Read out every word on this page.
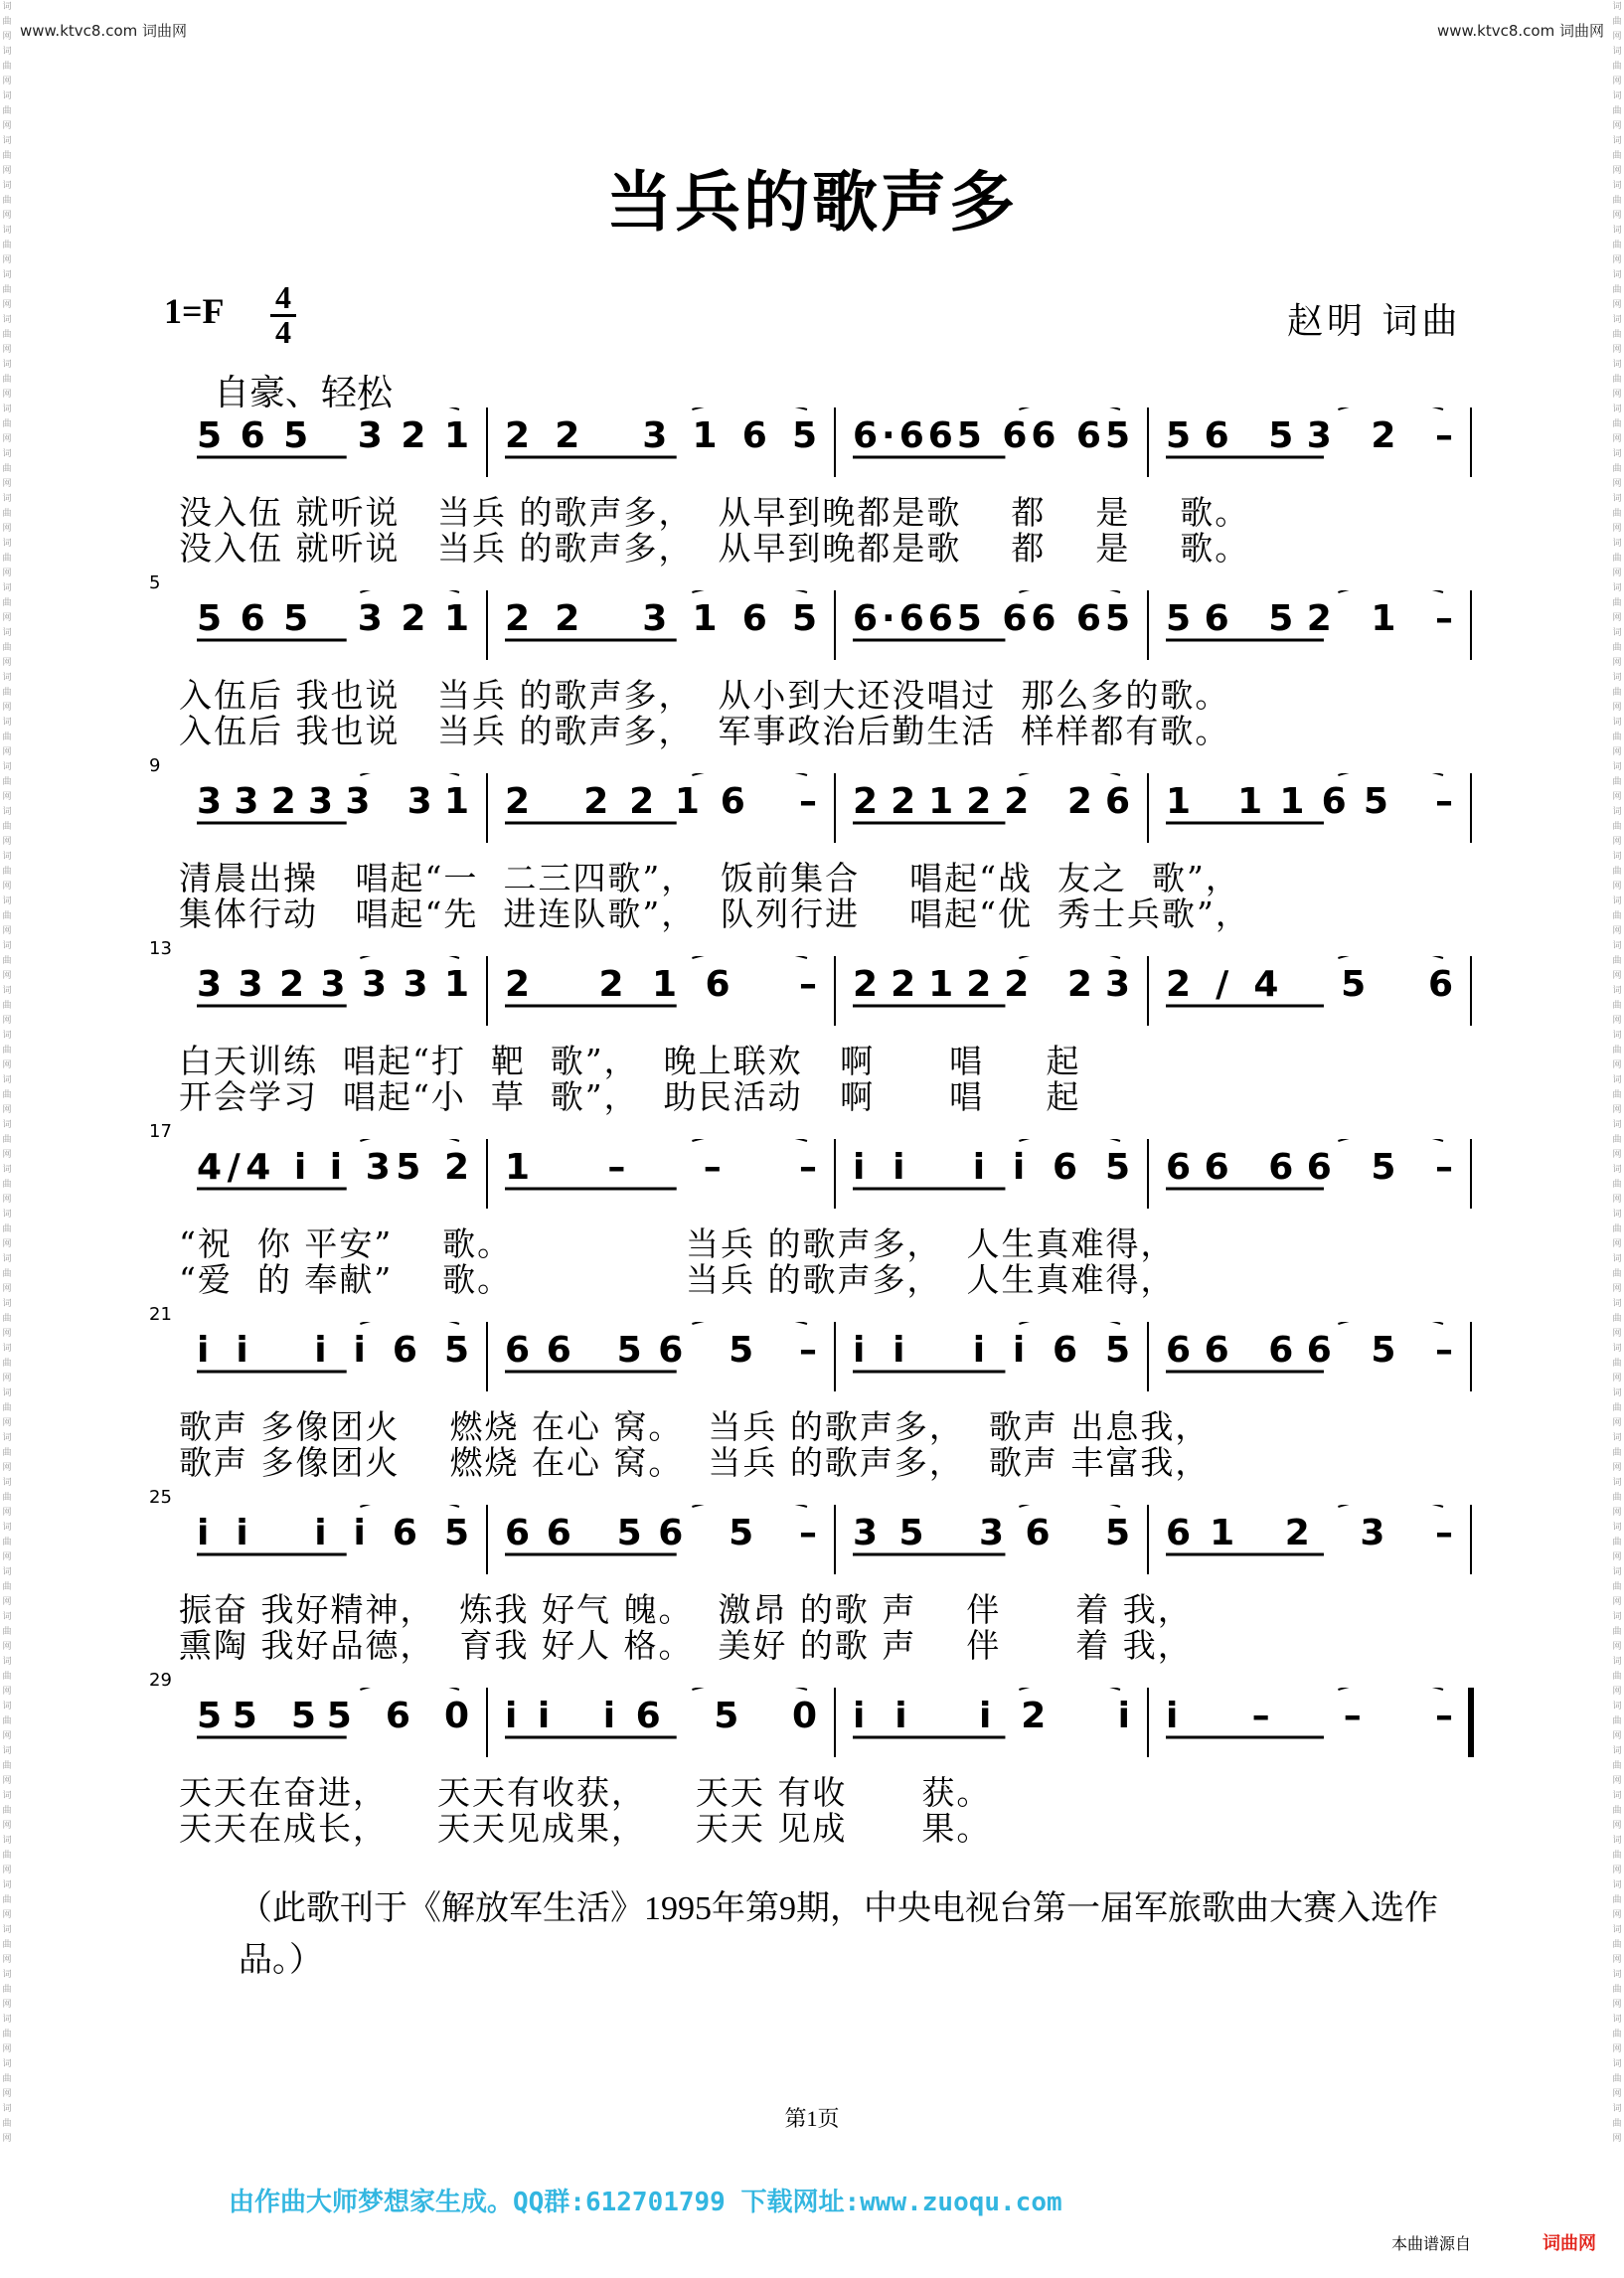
www.ktvc8.com 词曲网	www.ktvc8.com 词曲网
词曲网词曲网词曲网词曲网词曲网词曲网词曲网词曲网词曲网词曲网词曲网词曲网词曲网词曲网词曲网词曲网词曲网词曲网词曲网词曲网词曲网词曲网词曲网词曲网词曲网词曲网词曲网词曲网词曲网词曲网词曲网词曲网词曲网词曲网词曲网词曲网词曲网词曲网词曲网词曲网词曲网词曲网词曲网词曲网词曲网词曲网词曲网词曲网
词曲网词曲网词曲网词曲网词曲网词曲网词曲网词曲网词曲网词曲网词曲网词曲网词曲网词曲网词曲网词曲网词曲网词曲网词曲网词曲网词曲网词曲网词曲网词曲网词曲网词曲网词曲网词曲网词曲网词曲网词曲网词曲网词曲网词曲网词曲网词曲网词曲网词曲网词曲网词曲网词曲网词曲网词曲网词曲网词曲网词曲网词曲网词曲网
当兵的歌声多
1=F 4
4	赵明 词曲
自豪、轻松
565 321 22 3165 6·665 66 65 56 53 2 –
没入伍 就听说   当兵 的歌声多，  从早到晚都是歌    都    是    歌。
没入伍 就听说   当兵 的歌声多，  从早到晚都是歌    都    是    歌。
5
565 321 22 3165 6·665 66 65 56 52 1 –
入伍后 我也说   当兵 的歌声多，  从小到大还没唱过  那么多的歌。
入伍后 我也说   当兵 的歌声多，  军事政治后勤生活  样样都有歌。
9
33233 31 2 2216 – 22122 26 1 1165 –
清晨出操   唱起“一  二三四歌”，  饭前集合    唱起“战  友之  歌”，
集体行动   唱起“先  进连队歌”，  队列行进    唱起“优  秀士兵歌”，
13
3323331 2 216 – 22122 23 2/4 5 6
白天训练  唱起“打  靶  歌”，  晚上联欢   啊      唱     起
开会学习  唱起“小  草  歌”，  助民活动   啊      唱     起
17
4/4 i i 35 2 1 – – – ii iі65 66 66 5 –
“祝  你 平安”    歌。              当兵 的歌声多，  人生真难得，
“爱  的 奉献”    歌。              当兵 的歌声多，  人生真难得，
21
ii ii65 66 56 5 – ii ii65 66 66 5 –
歌声 多像团火    燃烧 在心 窝。  当兵 的歌声多，  歌声 出息我，
歌声 多像团火    燃烧 在心 窝。  当兵 的歌声多，  歌声 丰富我，
25
ii ii65 66 56 5 – 35 36 5 61 2 3 –
振奋 我好精神，  炼我 好气 魄。  激昂 的歌 声    伴      着 我，
熏陶 我好品德，  育我 好人 格。  美好 的歌 声    伴      着 我，
29
55 55 6 0 ii i6 5 0 ii i2 i i – – –
天天在奋进，    天天有收获，    天天 有收      获。
天天在成长，    天天见成果，    天天 见成      果。
（此歌刊于《解放军生活》1995年第9期，中央电视台第一届军旅歌曲大赛入选作品。）
第1页
由作曲大师梦想家生成。QQ群:612701799 下载网址:www.zuoqu.com
本曲谱源自	词曲网
